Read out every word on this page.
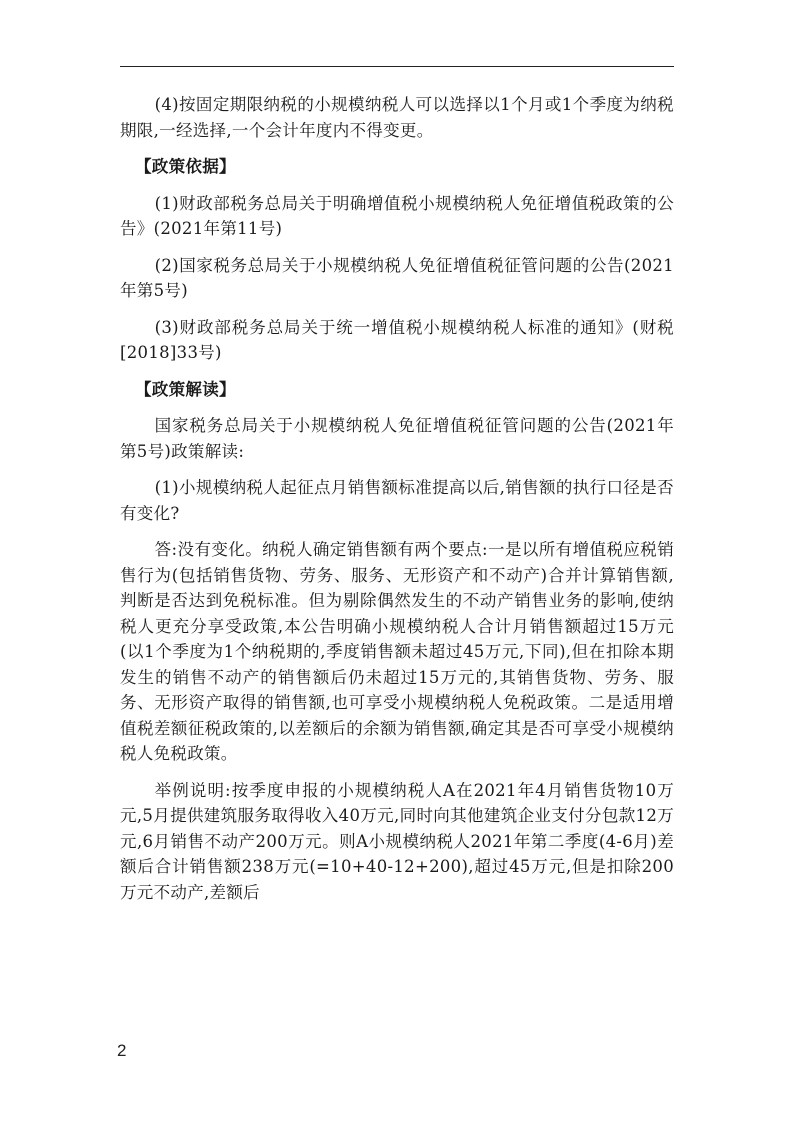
(4)按固定期限纳税的小规模纳税人可以选择以1个月或1个季度为纳税期限,一经选择,一个会计年度内不得变更。

【政策依据】

(1)财政部税务总局关于明确增值税小规模纳税人免征增值税政策的公告》(2021年第11号)

(2)国家税务总局关于小规模纳税人免征增值税征管问题的公告(2021年第5号)

(3)财政部税务总局关于统一增值税小规模纳税人标准的通知》(财税[2018]33号)

【政策解读】

国家税务总局关于小规模纳税人免征增值税征管问题的公告(2021年第5号)政策解读:

(1)小规模纳税人起征点月销售额标准提高以后,销售额的执行口径是否有变化?

答:没有变化。纳税人确定销售额有两个要点:一是以所有增值税应税销售行为(包括销售货物、劳务、服务、无形资产和不动产)合并计算销售额,判断是否达到免税标准。但为剔除偶然发生的不动产销售业务的影响,使纳税人更充分享受政策,本公告明确小规模纳税人合计月销售额超过15万元(以1个季度为1个纳税期的,季度销售额未超过45万元,下同),但在扣除本期发生的销售不动产的销售额后仍未超过15万元的,其销售货物、劳务、服务、无形资产取得的销售额,也可享受小规模纳税人免税政策。二是适用增值税差额征税政策的,以差额后的余额为销售额,确定其是否可享受小规模纳税人免税政策。

举例说明:按季度申报的小规模纳税人A在2021年4月销售货物10万元,5月提供建筑服务取得收入40万元,同时向其他建筑企业支付分包款12万元,6月销售不动产200万元。则A小规模纳税人2021年第二季度(4-6月)差额后合计销售额238万元(=10+40-12+200),超过45万元,但是扣除200万元不动产,差额后

2
